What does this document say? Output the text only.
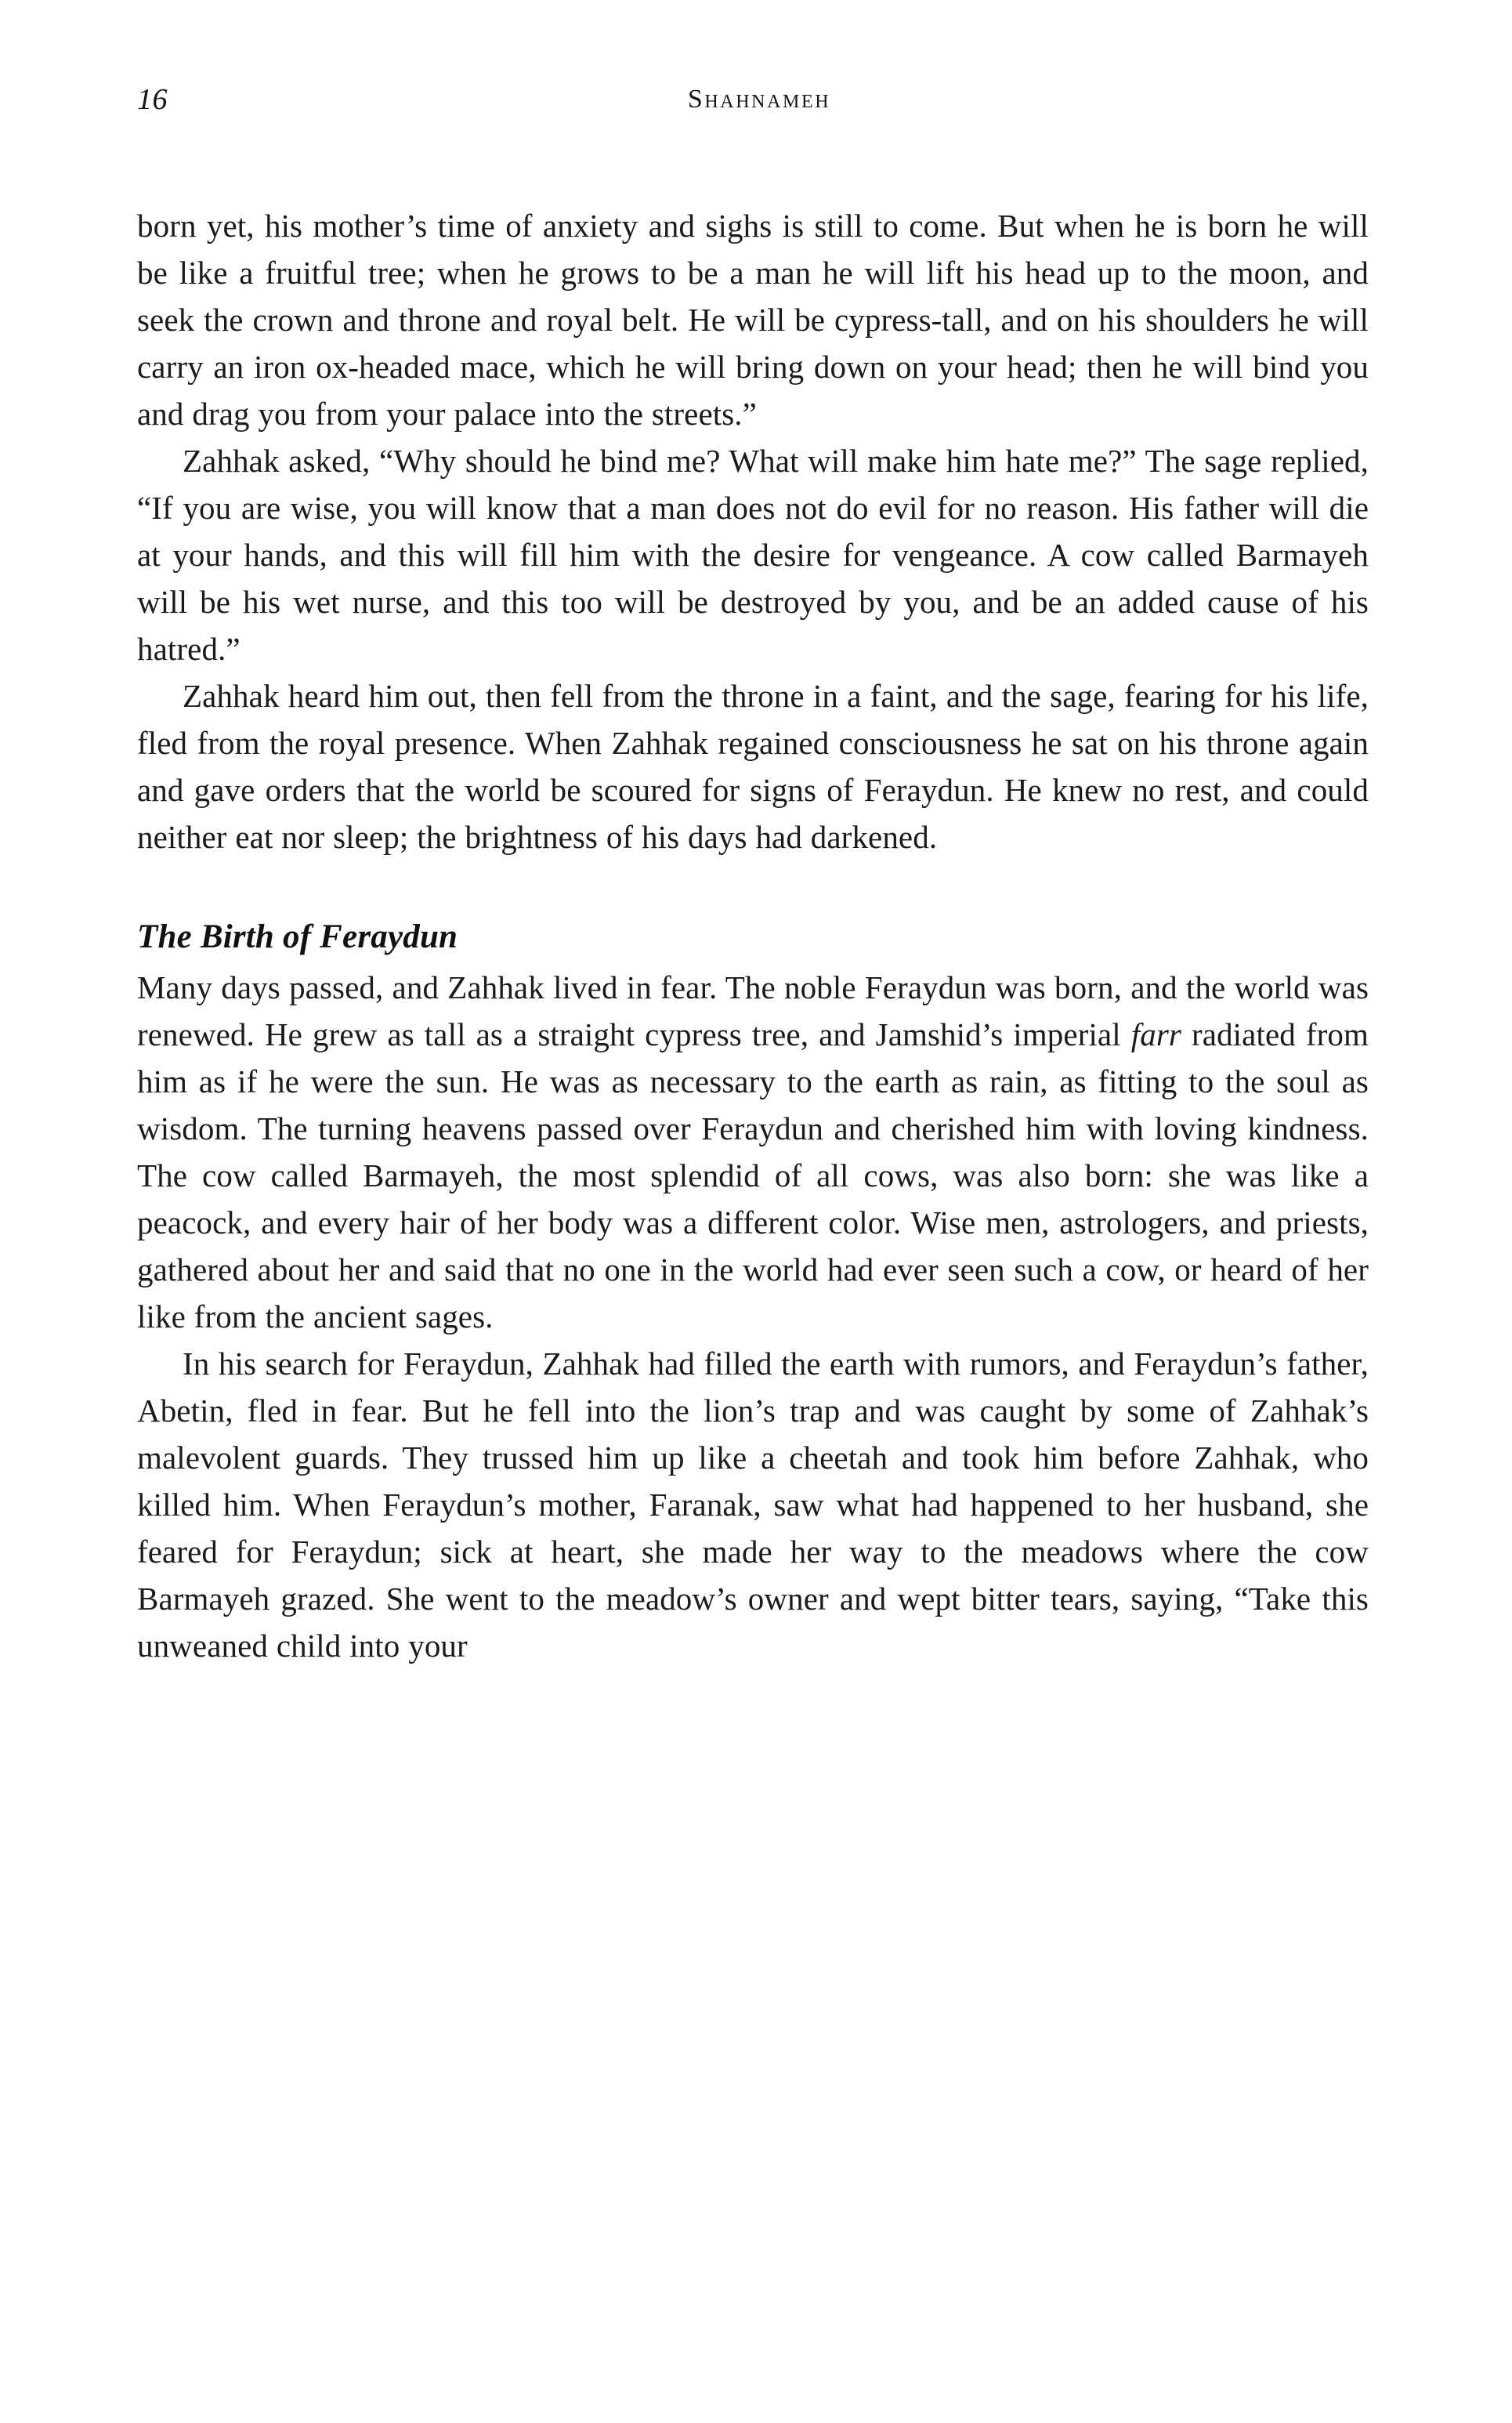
16	Shahnameh

born yet, his mother’s time of anxiety and sighs is still to come. But when he is born he will be like a fruitful tree; when he grows to be a man he will lift his head up to the moon, and seek the crown and throne and royal belt. He will be cypress-tall, and on his shoulders he will carry an iron ox-headed mace, which he will bring down on your head; then he will bind you and drag you from your palace into the streets.”

Zahhak asked, “Why should he bind me? What will make him hate me?” The sage replied, “If you are wise, you will know that a man does not do evil for no reason. His father will die at your hands, and this will fill him with the desire for vengeance. A cow called Barmayeh will be his wet nurse, and this too will be destroyed by you, and be an added cause of his hatred.”

Zahhak heard him out, then fell from the throne in a faint, and the sage, fearing for his life, fled from the royal presence. When Zahhak regained consciousness he sat on his throne again and gave orders that the world be scoured for signs of Feraydun. He knew no rest, and could neither eat nor sleep; the brightness of his days had darkened.

The Birth of Feraydun

Many days passed, and Zahhak lived in fear. The noble Feraydun was born, and the world was renewed. He grew as tall as a straight cypress tree, and Jamshid’s imperial farr radiated from him as if he were the sun. He was as necessary to the earth as rain, as fitting to the soul as wisdom. The turning heavens passed over Feraydun and cherished him with loving kindness. The cow called Barmayeh, the most splendid of all cows, was also born: she was like a peacock, and every hair of her body was a different color. Wise men, astrologers, and priests, gathered about her and said that no one in the world had ever seen such a cow, or heard of her like from the ancient sages.

In his search for Feraydun, Zahhak had filled the earth with rumors, and Feraydun’s father, Abetin, fled in fear. But he fell into the lion’s trap and was caught by some of Zahhak’s malevolent guards. They trussed him up like a cheetah and took him before Zahhak, who killed him. When Feraydun’s mother, Faranak, saw what had happened to her husband, she feared for Feraydun; sick at heart, she made her way to the meadows where the cow Barmayeh grazed. She went to the meadow’s owner and wept bitter tears, saying, “Take this unweaned child into your
